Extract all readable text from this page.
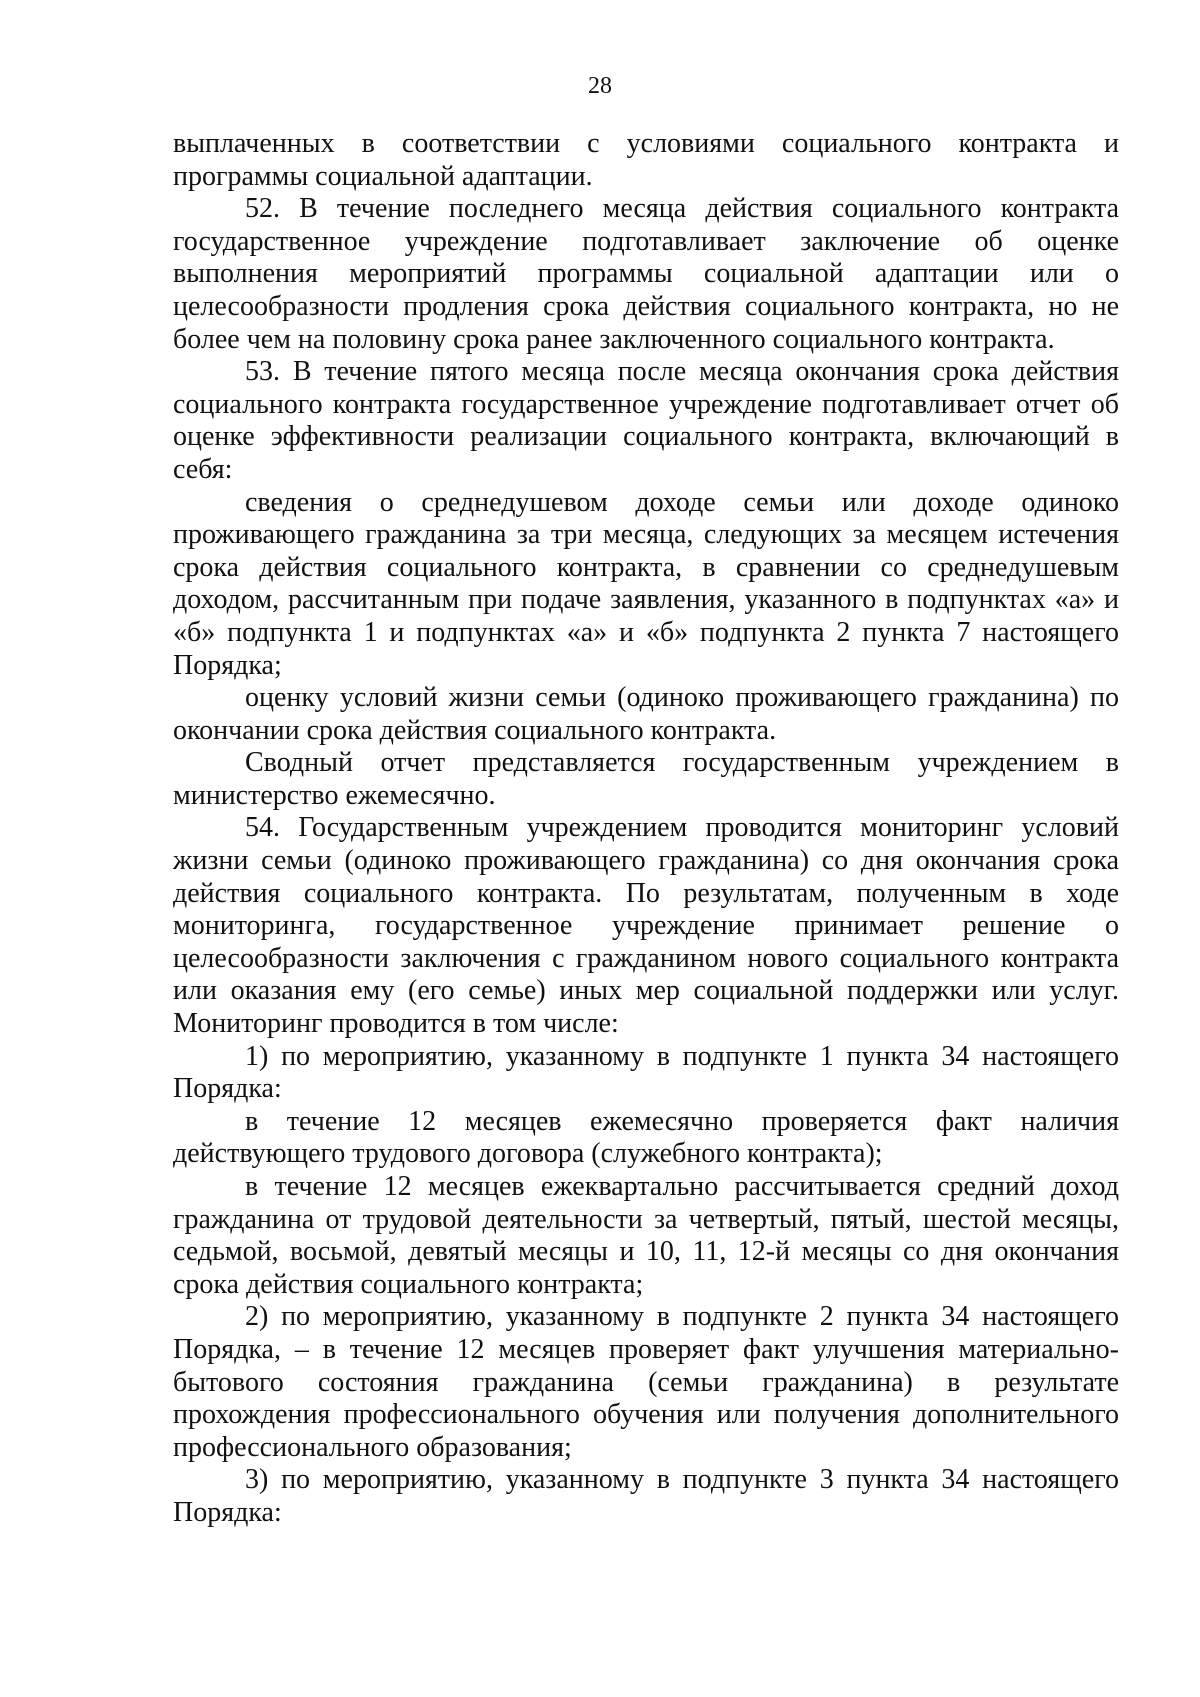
28

выплаченных в соответствии с условиями социального контракта и программы социальной адаптации.

52. В течение последнего месяца действия социального контракта государственное учреждение подготавливает заключение об оценке выполнения мероприятий программы социальной адаптации или о целесообразности продления срока действия социального контракта, но не более чем на половину срока ранее заключенного социального контракта.

53. В течение пятого месяца после месяца окончания срока действия социального контракта государственное учреждение подготавливает отчет об оценке эффективности реализации социального контракта, включающий в себя:

сведения о среднедушевом доходе семьи или доходе одиноко проживающего гражданина за три месяца, следующих за месяцем истечения срока действия социального контракта, в сравнении со среднедушевым доходом, рассчитанным при подаче заявления, указанного в подпунктах «а» и «б» подпункта 1 и подпунктах «а» и «б» подпункта 2 пункта 7 настоящего Порядка;

оценку условий жизни семьи (одиноко проживающего гражданина) по окончании срока действия социального контракта.

Сводный отчет представляется государственным учреждением в министерство ежемесячно.

54. Государственным учреждением проводится мониторинг условий жизни семьи (одиноко проживающего гражданина) со дня окончания срока действия социального контракта. По результатам, полученным в ходе мониторинга, государственное учреждение принимает решение о целесообразности заключения с гражданином нового социального контракта или оказания ему (его семье) иных мер социальной поддержки или услуг. Мониторинг проводится в том числе:

1) по мероприятию, указанному в подпункте 1 пункта 34 настоящего Порядка:

в течение 12 месяцев ежемесячно проверяется факт наличия действующего трудового договора (служебного контракта);

в течение 12 месяцев ежеквартально рассчитывается средний доход гражданина от трудовой деятельности за четвертый, пятый, шестой месяцы, седьмой, восьмой, девятый месяцы и 10, 11, 12-й месяцы со дня окончания срока действия социального контракта;

2) по мероприятию, указанному в подпункте 2 пункта 34 настоящего Порядка, – в течение 12 месяцев проверяет факт улучшения материально-бытового состояния гражданина (семьи гражданина) в результате прохождения профессионального обучения или получения дополнительного профессионального образования;

3) по мероприятию, указанному в подпункте 3 пункта 34 настоящего Порядка:
